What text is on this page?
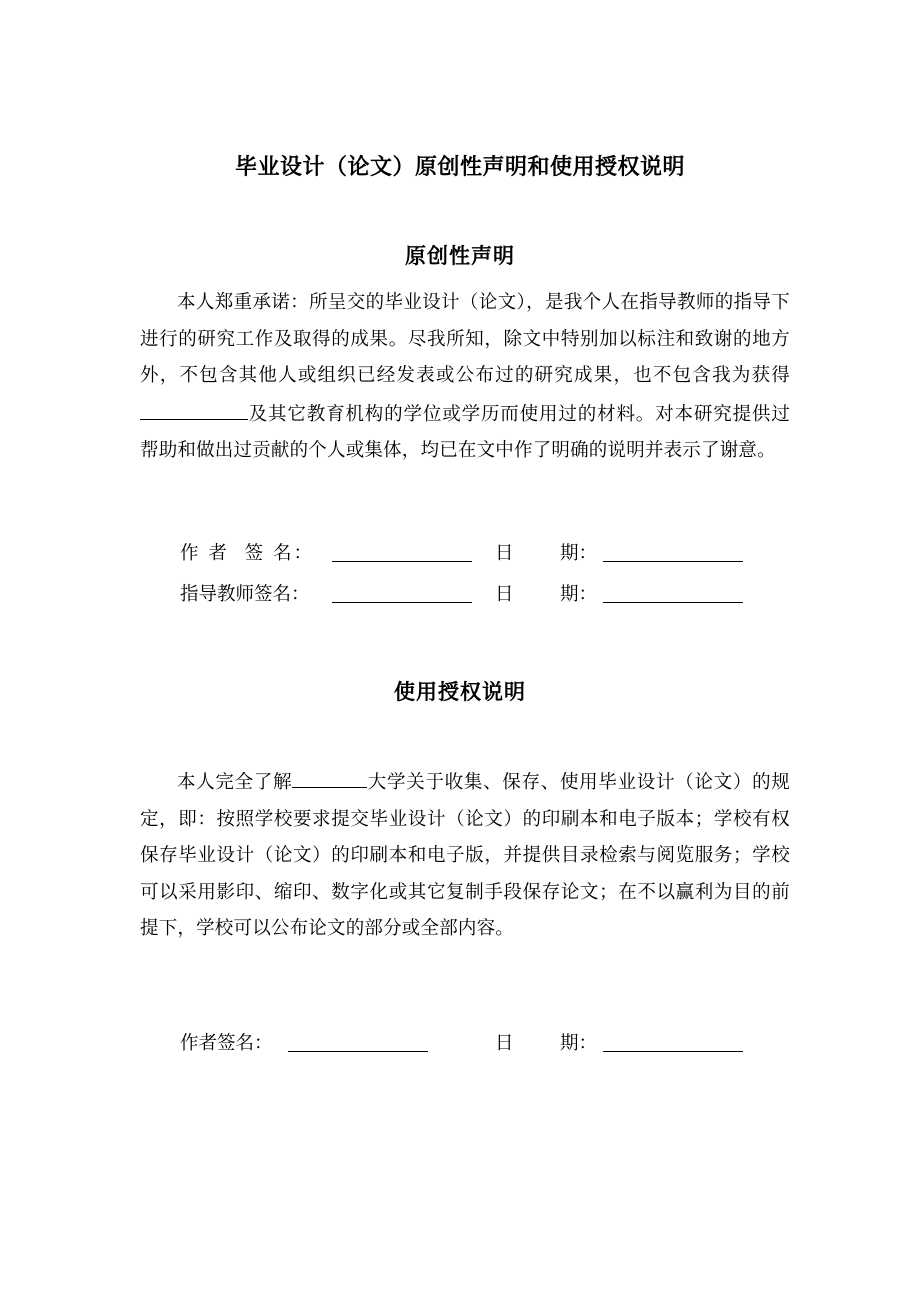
毕业设计（论文）原创性声明和使用授权说明
原创性声明
本人郑重承诺：所呈交的毕业设计（论文），是我个人在指导教师的指导下进行的研究工作及取得的成果。尽我所知，除文中特别加以标注和致谢的地方外，不包含其他人或组织已经发表或公布过的研究成果，也不包含我为获得及其它教育机构的学位或学历而使用过的材料。对本研究提供过帮助和做出过贡献的个人或集体，均已在文中作了明确的说明并表示了谢意。
作 者  签 名：	日	期：
指导教师签名：	日	期：
使用授权说明
本人完全了解	大学关于收集、保存、使用毕业设计（论文）的规定，即：按照学校要求提交毕业设计（论文）的印刷本和电子版本；学校有权保存毕业设计（论文）的印刷本和电子版，并提供目录检索与阅览服务；学校可以采用影印、缩印、数字化或其它复制手段保存论文；在不以赢利为目的前提下，学校可以公布论文的部分或全部内容。
作者签名：	日	期：
